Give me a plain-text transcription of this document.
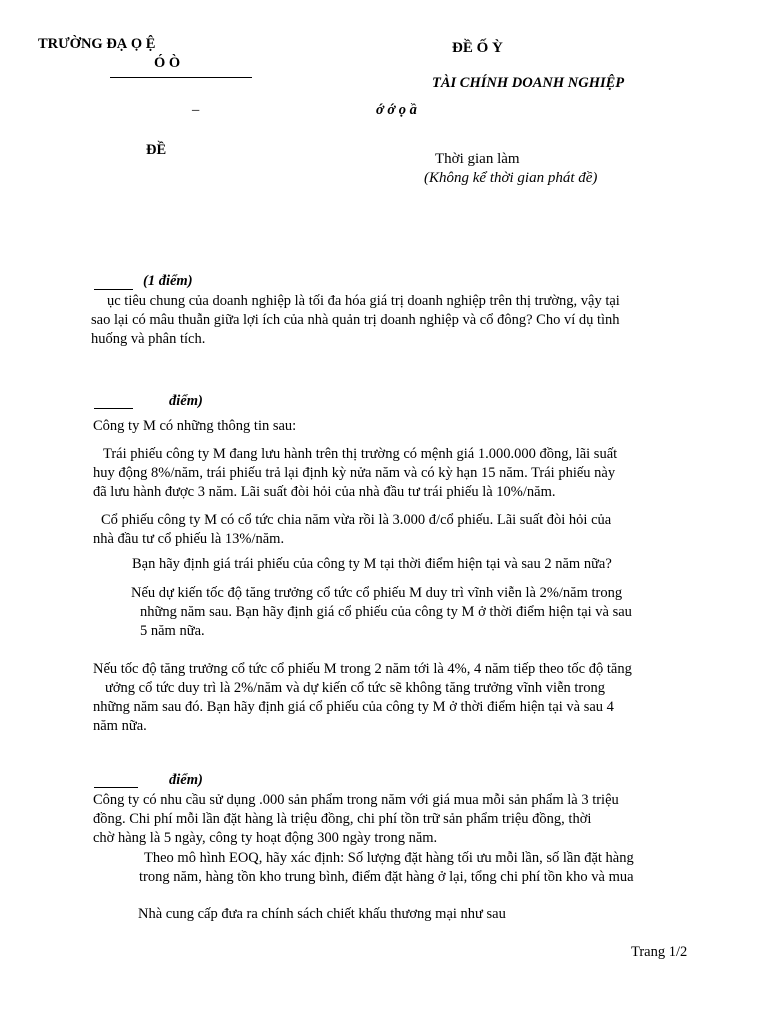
TRƯỜNG ĐẠ Ọ Ệ
Ó Ò
–
ĐỀ
ĐỀ Ố Ỳ
TÀI CHÍNH DOANH NGHIỆP
ớ ớ ọ ầ
Thời gian làm
(Không kể thời gian phát đề)
(1 điểm)
ục tiêu chung của doanh nghiệp là tối đa hóa giá trị doanh nghiệp trên thị trường, vậy tại
sao lại có mâu thuẫn giữa lợi ích của nhà quản trị doanh nghiệp và cổ đông? Cho ví dụ tình
huống và phân tích.
điểm)
Công ty M có những thông tin sau:
Trái phiếu công ty M đang lưu hành trên thị trường có mệnh giá 1.000.000 đồng, lãi suất
huy động 8%/năm, trái phiếu trả lại định kỳ nửa năm và có kỳ hạn 15 năm. Trái phiếu này
đã lưu hành được 3 năm. Lãi suất đòi hỏi của nhà đầu tư trái phiếu là 10%/năm.
Cổ phiếu công ty M có cổ tức chia năm vừa rồi là 3.000 đ/cổ phiếu. Lãi suất đòi hỏi của
nhà đầu tư cổ phiếu là 13%/năm.
Bạn hãy định giá trái phiếu của công ty M tại thời điểm hiện tại và sau 2 năm nữa?
Nếu dự kiến tốc độ tăng trưởng cổ tức cổ phiếu M duy trì vĩnh viễn là 2%/năm trong
những năm sau. Bạn hãy định giá cổ phiếu của công ty M ở thời điểm hiện tại và sau
5 năm nữa.
Nếu tốc độ tăng trưởng cổ tức cổ phiếu M trong 2 năm tới là 4%, 4 năm tiếp theo tốc độ tăng
ưởng cổ tức duy trì là 2%/năm và dự kiến cổ tức sẽ không tăng trưởng vĩnh viễn trong
những năm sau đó. Bạn hãy định giá cổ phiếu của công ty M ở thời điểm hiện tại và sau 4
năm nữa.
điểm)
Công ty có nhu cầu sử dụng .000 sản phẩm trong năm với giá mua mỗi sản phẩm là 3 triệu
đồng. Chi phí mỗi lần đặt hàng là triệu đồng, chi phí tồn trữ sản phẩm triệu đồng, thời
chờ hàng là 5 ngày, công ty hoạt động 300 ngày trong năm.
Theo mô hình EOQ, hãy xác định: Số lượng đặt hàng tối ưu mỗi lần, số lần đặt hàng
trong năm, hàng tồn kho trung bình, điểm đặt hàng ở lại, tổng chi phí tồn kho và mua
Nhà cung cấp đưa ra chính sách chiết khấu thương mại như sau
Trang 1/2
